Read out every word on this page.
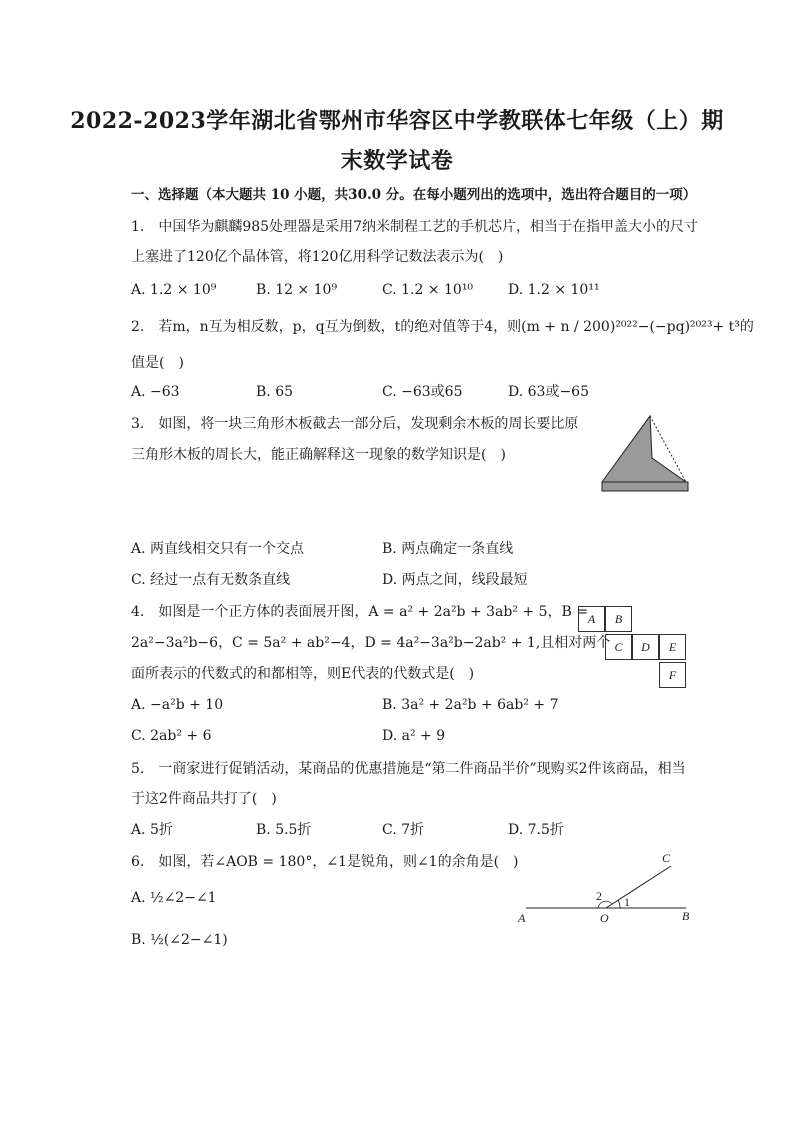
2022-2023学年湖北省鄂州市华容区中学教联体七年级（上）期
末数学试卷
一、选择题（本大题共 10 小题，共30.0 分。在每小题列出的选项中，选出符合题目的一项）
1.　中国华为麒麟985处理器是采用7纳米制程工艺的手机芯片，相当于在指甲盖大小的尺寸
上塞进了120亿个晶体管，将120亿用科学记数法表示为(　)
A. 1.2 × 10⁹	B. 12 × 10⁹	C. 1.2 × 10¹⁰ D. 1.2 × 10¹¹
2.　若m，n互为相反数，p，q互为倒数，t的绝对值等于4，则(m + n / 200)²⁰²²−(−pq)²⁰²³+ t³的
值是(　)
A. −63	B. 65	C. −63或65	D. 63或−65
3.　如图，将一块三角形木板截去一部分后，发现剩余木板的周长要比原
三角形木板的周长大，能正确解释这一现象的数学知识是(　)
A. 两直线相交只有一个交点	B. 两点确定一条直线
C. 经过一点有无数条直线	D. 两点之间，线段最短
4.　如图是一个正方体的表面展开图，A = a² + 2a²b + 3ab² + 5，B =
2a²−3a²b−6，C = 5a² + ab²−4，D = 4a²−3a²b−2ab² + 1,且相对两个
面所表示的代数式的和都相等，则E代表的代数式是(　)
A	B
C	D	E
F
A. −a²b + 10	B. 3a² + 2a²b + 6ab² + 7
C. 2ab² + 6	D. a² + 9
5.　一商家进行促销活动，某商品的优惠措施是“第二件商品半价”现购买2件该商品，相当
于这2件商品共打了(　)
A. 5折	B. 5.5折	C. 7折	D. 7.5折
6.　如图，若∠AOB = 180°，∠1是锐角，则∠1的余角是(　)
A. ½∠2−∠1
B. ½(∠2−∠1)
A	O	B
C
1
2
